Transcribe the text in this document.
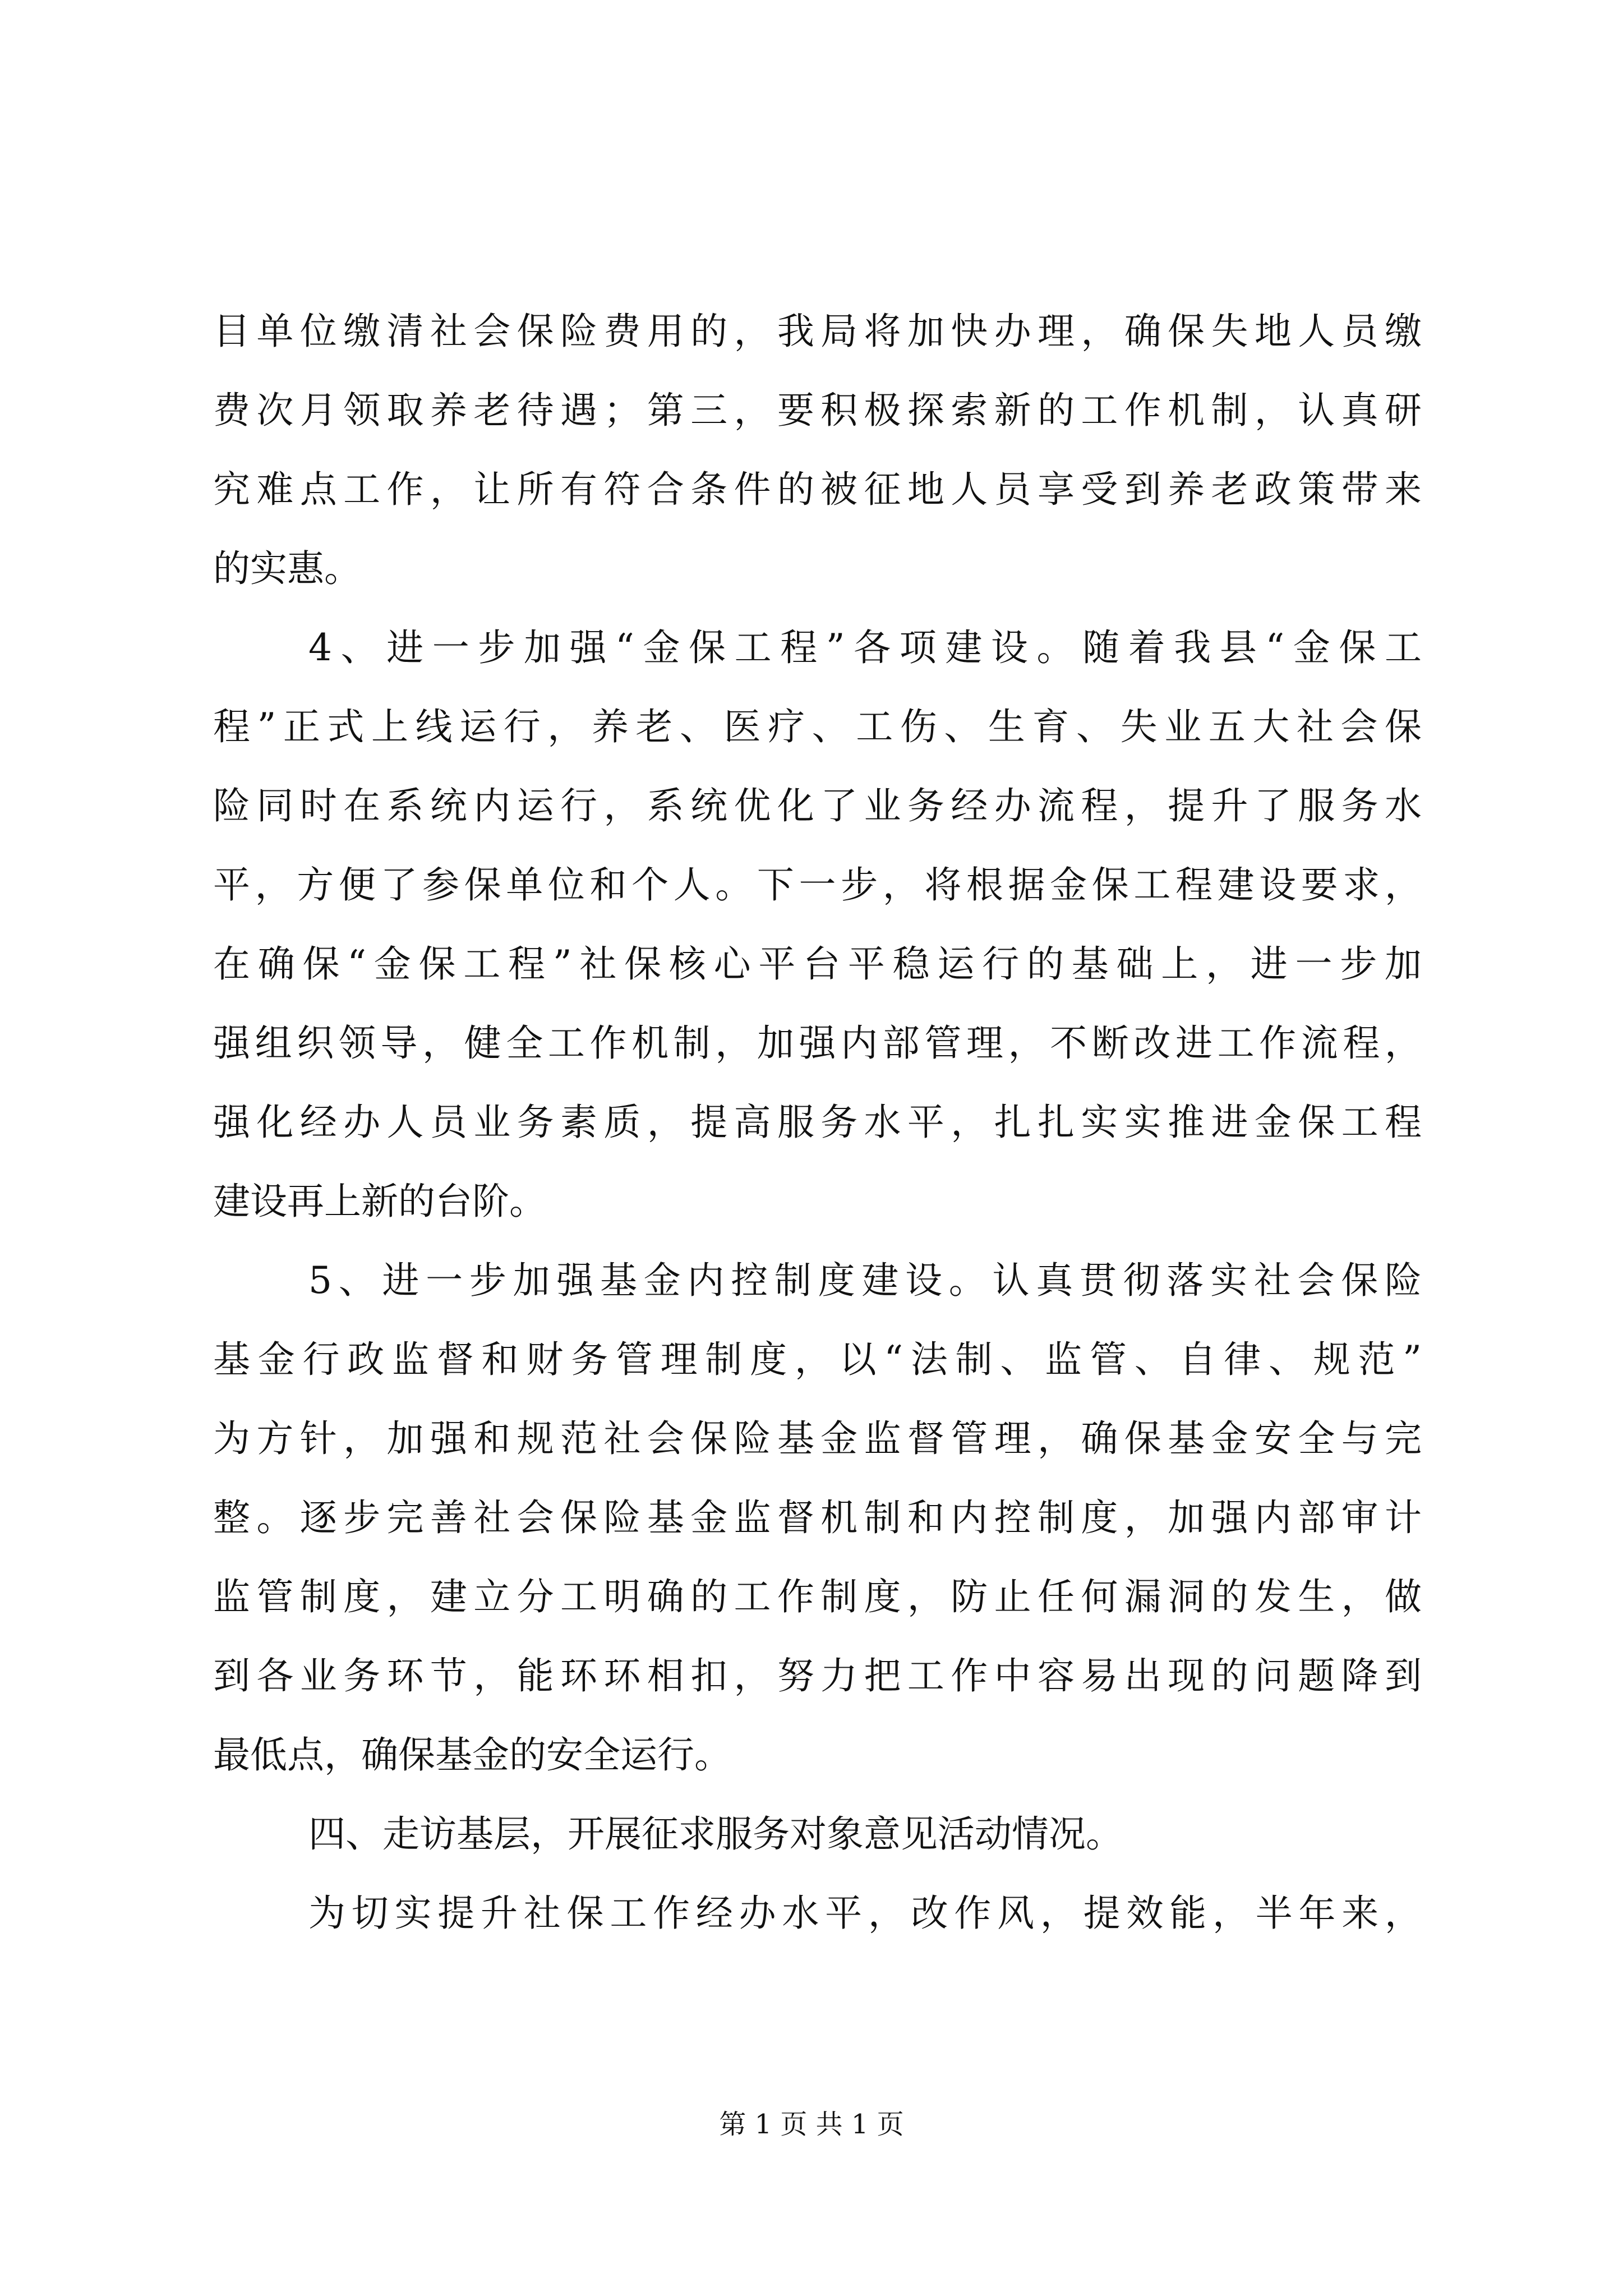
目单位缴清社会保险费用的，我局将加快办理，确保失地人员缴

费次月领取养老待遇；第三，要积极探索新的工作机制，认真研

究难点工作，让所有符合条件的被征地人员享受到养老政策带来

的实惠。

4、进一步加强“金保工程”各项建设。随着我县“金保工

程”正式上线运行，养老、医疗、工伤、生育、失业五大社会保

险同时在系统内运行，系统优化了业务经办流程，提升了服务水

平，方便了参保单位和个人。下一步，将根据金保工程建设要求，

在确保“金保工程”社保核心平台平稳运行的基础上，进一步加

强组织领导，健全工作机制，加强内部管理，不断改进工作流程，

强化经办人员业务素质，提高服务水平，扎扎实实推进金保工程

建设再上新的台阶。

5、进一步加强基金内控制度建设。认真贯彻落实社会保险

基金行政监督和财务管理制度，以“法制、监管、自律、规范”

为方针，加强和规范社会保险基金监督管理，确保基金安全与完

整。逐步完善社会保险基金监督机制和内控制度，加强内部审计

监管制度，建立分工明确的工作制度，防止任何漏洞的发生，做

到各业务环节，能环环相扣，努力把工作中容易出现的问题降到

最低点，确保基金的安全运行。

四、走访基层，开展征求服务对象意见活动情况。

为切实提升社保工作经办水平，改作风，提效能，半年来，

第 1 页 共 1 页
